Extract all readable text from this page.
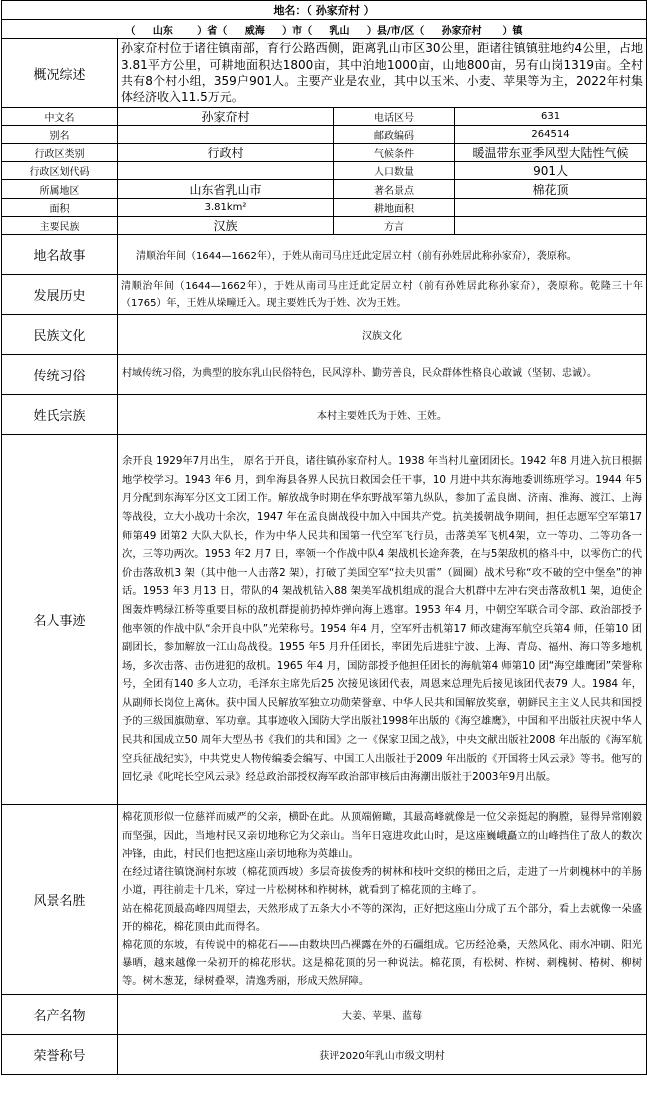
地名：（ 孙家夼村 ）			
（     山东       ）省（     威海     ）市（     乳山     ）县/市/区（     孙家夼村      ）镇			
概况综述	孙家夼村位于诸往镇南部，育行公路西侧，距离乳山市区30公里，距诸往镇镇驻地约4公里，占地3.81平方公里，可耕地面积达1800亩，其中泊地1000亩，山地800亩，另有山岗1319亩。全村共有8个村小组，359户901人。主要产业是农业，其中以玉米、小麦、苹果等为主，2022年村集体经济收入11.5万元。		
中文名	孙家夼村	电话区号	631
别名		邮政编码	264514
行政区类别	行政村	气候条件	暖温带东亚季风型大陆性气候
行政区划代码		人口数量	901人
所属地区	山东省乳山市	著名景点	棉花顶
面积	3.81km²	耕地面积	
主要民族	汉族	方言	
地名故事	清顺治年间（1644—1662年），于姓从南司马庄迁此定居立村（前有孙姓居此称孙家夼），袭原称。		
发展历史	清顺治年间（1644—1662年），于姓从南司马庄迁此定居立村（前有孙姓居此称孙家夼），袭原称。乾隆三十年（1765）年，王姓从垛疃迁入。现主要姓氏为于姓、次为王姓。		
民族文化	汉族文化		
传统习俗	村域传统习俗，为典型的胶东乳山民俗特色，民风淳朴、勤劳善良，民众群体性格良心敢诚（坚韧、忠诚）。		
姓氏宗族	本村主要姓氏为于姓、王姓。		
名人事迹	余开良 1929年7月出生， 原名于开良，诸往镇孙家夼村人。1938 年当村儿童团团长。1942 年8 月进入抗日根据地学校学习。1943 年6 月，到牟海县各界人民抗日救国会任干事，10 月进中共东海地委训练班学习。1944 年5 月分配到东海军分区文工团工作。解放战争时期在华东野战军第九纵队，参加了孟良崮、济南、淮海、渡江、上海等战役，立大小战功十余次，1947 年在孟良崮战役中加入中国共产党。抗美援朝战争期间，担任志愿军空军第17 师第49 团第2 大队大队长，作为中华人民共和国第一代空军飞行员，击落美军飞机4架，立一等功、二等功各一次，三等功两次。1953 年2 月7 日，率领一个作战中队4 架战机长途奔袭，在与5架敌机的格斗中，以零伤亡的代价击落敌机3 架（其中他一人击落2 架），打破了美国空军“拉夫贝雷”（圆圈）战术号称“攻不破的空中堡垒”的神话。1953 年3 月13 日，带队的4 架战机钻入88 架美军战机组成的混合大机群中左冲右突击落敌机1 架，迫使企图轰炸鸭绿江桥等重要目标的敌机群提前扔掉炸弹向海上逃窜。1953 年4 月，中朝空军联合司令部、政治部授予他率领的作战中队“余开良中队”光荣称号。1954 年4 月，空军歼击机第17 师改建海军航空兵第4 师，任第10 团副团长，参加解放一江山岛战役。1955 年5 月升任团长，率团先后进驻宁波、上海、青岛、福州、海口等多地机场，多次击落、击伤进犯的敌机。1965 年4 月，国防部授予他担任团长的海航第4 师第10 团“海空雄鹰团”荣誉称号，全团有140 多人立功，毛泽东主席先后25 次接见该团代表，周恩来总理先后接见该团代表79 人。1984 年，从副师长岗位上离休。获中国人民解放军独立功勋荣誉章、中华人民共和国解放奖章，朝鲜民主主义人民共和国授予的三级国旗勋章、军功章。其事迹收入国防大学出版社1998年出版的《海空雄鹰》，中国和平出版社庆祝中华人民共和国成立50 周年大型丛书《我们的共和国》之一《保家卫国之战》，中央文献出版社2008 年出版的《海军航空兵征战纪实》，中共党史人物传编委会编写、中国工人出版社于2009 年出版的《开国将士风云录》等书。他写的回忆录《叱咤长空风云录》经总政治部授权海军政治部审核后由海潮出版社于2003年9月出版。		
风景名胜	棉花顶形似一位慈祥而威严的父亲，横卧在此。从顶端俯瞰，其最高峰就像是一位父亲挺起的胸膛，显得异常刚毅而坚强，因此，当地村民又亲切地称它为父亲山。当年日寇进攻此山时，是这座巍峨矗立的山峰挡住了敌人的数次冲锋，由此，村民们也把这座山亲切地称为英雄山。

在经过诸往镇饶涧村东坡（棉花顶西坡）多层奇拔俊秀的树林和枝叶交织的梯田之后，走进了一片刺槐林中的羊肠小道，再往前走十几米，穿过一片松树林和柞树林，就看到了棉花顶的主峰了。

站在棉花顶最高峰四周望去，天然形成了五条大小不等的深沟，正好把这座山分成了五个部分，看上去就像一朵盛开的棉花，棉花顶由此而得名。

棉花顶的东坡，有传说中的棉花石——由数块凹凸裸露在外的石礓组成。它历经沧桑，天然风化、雨水冲刷、阳光暴晒，越来越像一朵初开的棉花形状。这是棉花顶的另一种说法。棉花顶，有松树、柞树、刺槐树、椿树、柳树等。树木葱茏，绿树叠翠，清逸秀丽，形成天然屏障。		

名产名物	大姜、苹果、蓝莓		
荣誉称号	获评2020年乳山市级文明村		
